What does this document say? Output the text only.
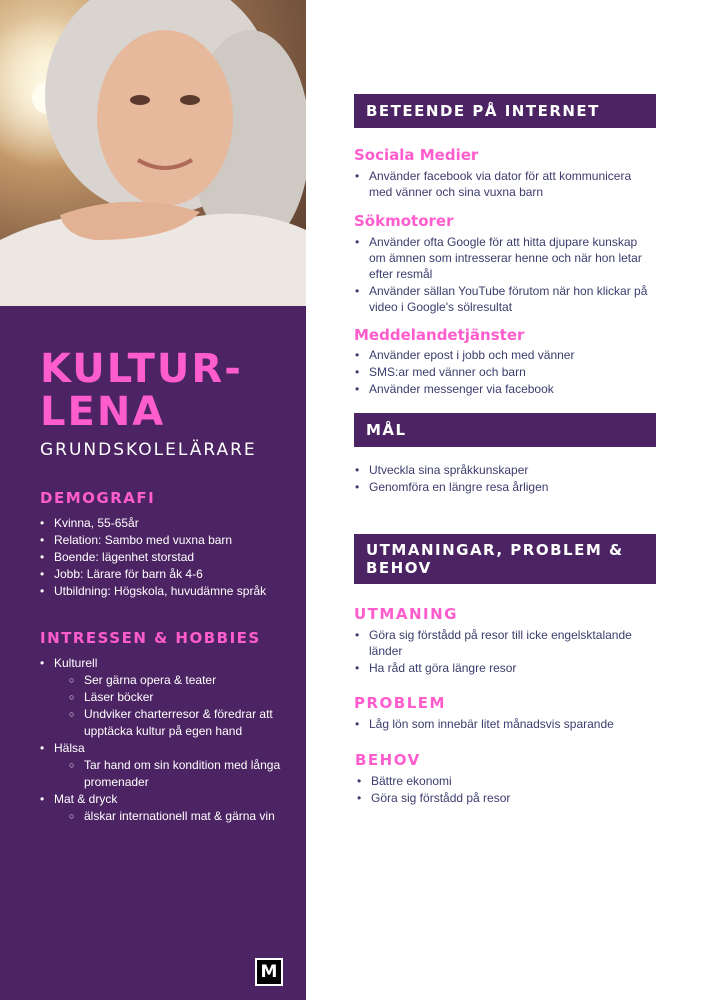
KULTUR-LENA
GRUNDSKOLELÄRARE
DEMOGRAFI
• Kvinna, 55-65år
• Relation: Sambo med vuxna barn
• Boende: lägenhet storstad
• Jobb: Lärare för barn åk 4-6
• Utbildning: Högskola, huvudämne språk
INTRESSEN & HOBBIES
• Kulturell
○ Ser gärna opera & teater
○ Läser böcker
○ Undviker charterresor & föredrar att upptäcka kultur på egen hand
• Hälsa
○ Tar hand om sin kondition med långa promenader
• Mat & dryck
○ älskar internationell mat & gärna vin
MAGNUS ÄNG
M
BETEENDE PÅ INTERNET
Sociala Medier
• Använder facebook via dator för att kommunicera med vänner och sina vuxna barn
Sökmotorer
• Använder ofta Google för att hitta djupare kunskap om ämnen som intresserar henne och när hon letar efter resmål
• Använder sällan YouTube förutom när hon klickar på video i Google's sölresultat
Meddelandetjänster
• Använder epost i jobb och med vänner
• SMS:ar med vänner och barn
• Använder messenger via facebook
MÅL
• Utveckla sina språkkunskaper
• Genomföra en längre resa årligen
UTMANINGAR, PROBLEM & BEHOV
UTMANING
• Göra sig förstådd på resor till icke engelsktalande länder
• Ha råd att göra längre resor
PROBLEM
• Låg lön som innebär litet månadsvis sparande
BEHOV
• Bättre ekonomi
• Göra sig förstådd på resor
